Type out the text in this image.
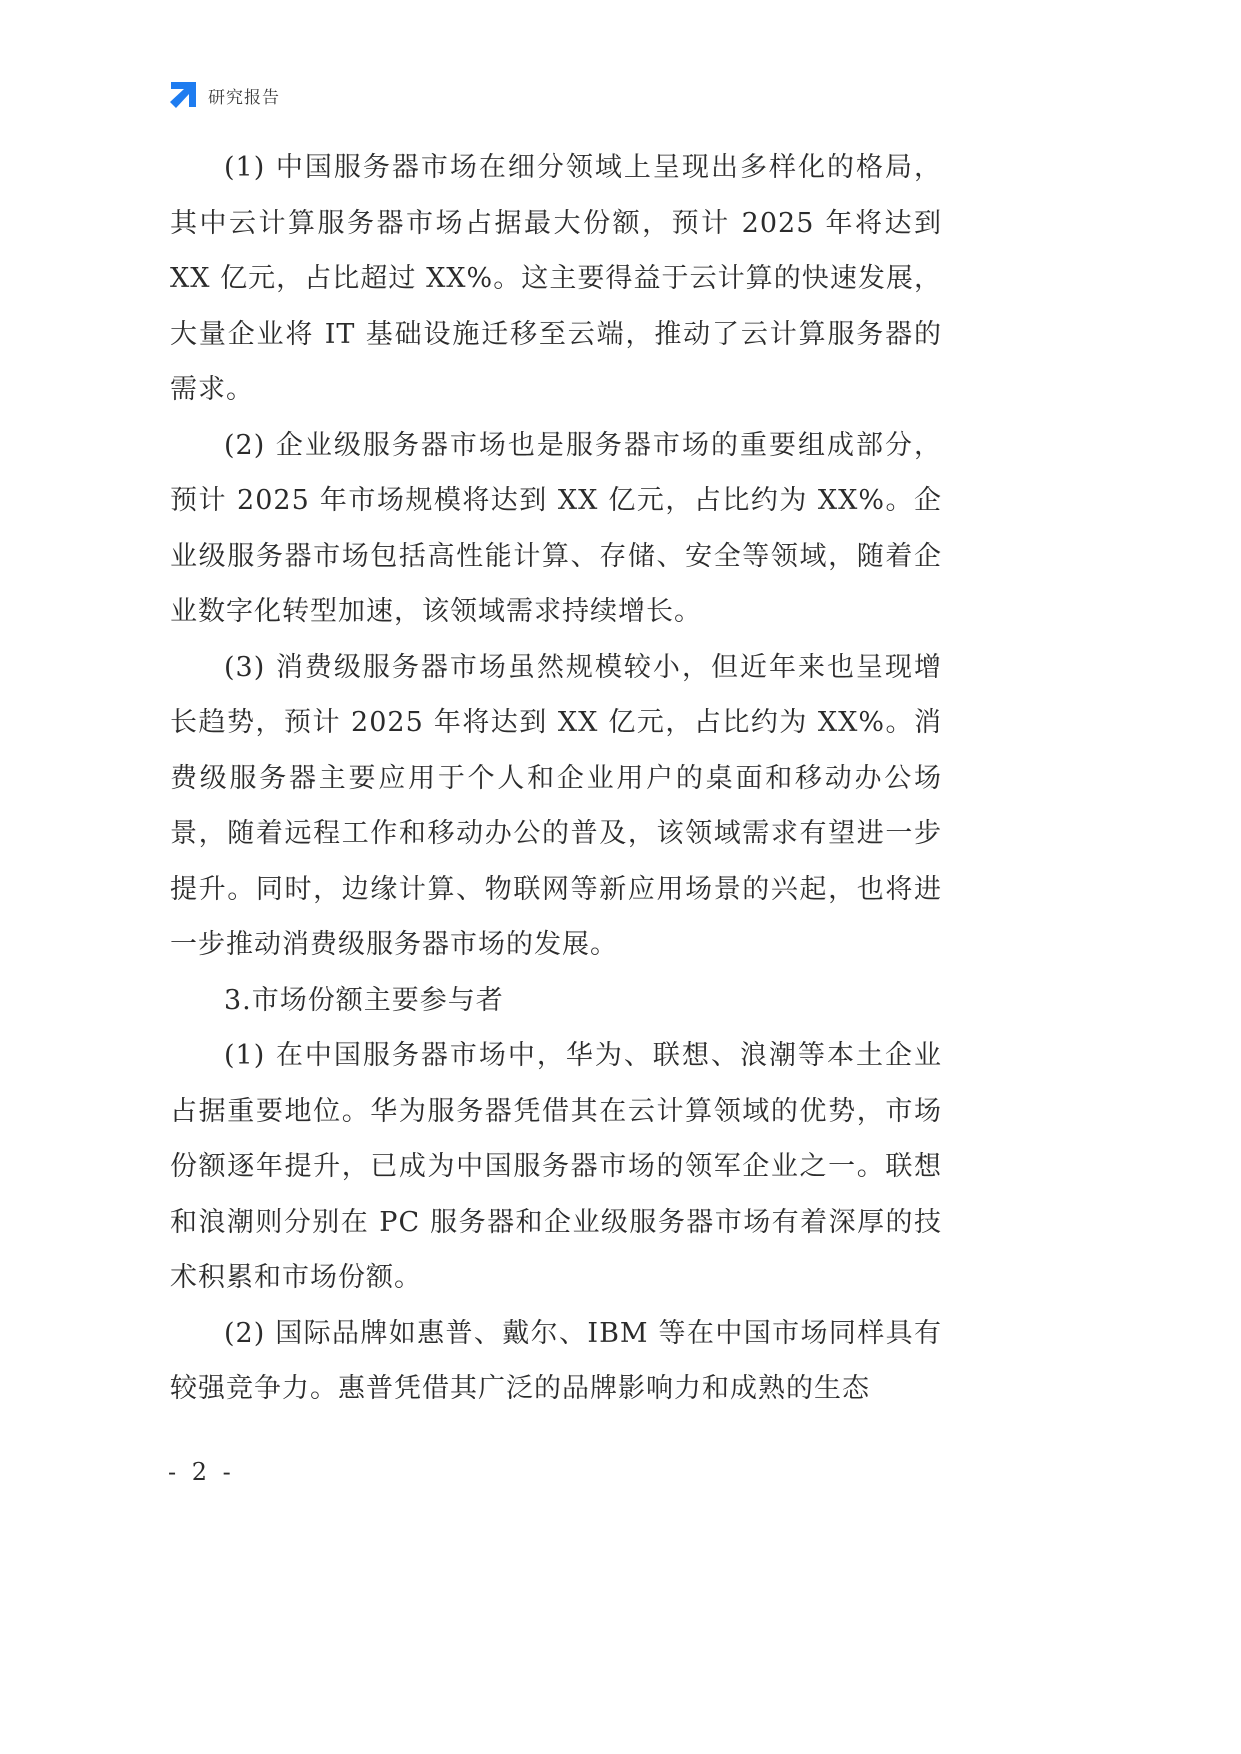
研究报告

(1) 中国服务器市场在细分领域上呈现出多样化的格局，其中云计算服务器市场占据最大份额，预计 2025 年将达到 XX 亿元，占比超过 XX%。这主要得益于云计算的快速发展，大量企业将 IT 基础设施迁移至云端，推动了云计算服务器的需求。

(2) 企业级服务器市场也是服务器市场的重要组成部分，预计 2025 年市场规模将达到 XX 亿元，占比约为 XX%。企业级服务器市场包括高性能计算、存储、安全等领域，随着企业数字化转型加速，该领域需求持续增长。

(3) 消费级服务器市场虽然规模较小，但近年来也呈现增长趋势，预计 2025 年将达到 XX 亿元，占比约为 XX%。消费级服务器主要应用于个人和企业用户的桌面和移动办公场景，随着远程工作和移动办公的普及，该领域需求有望进一步提升。同时，边缘计算、物联网等新应用场景的兴起，也将进一步推动消费级服务器市场的发展。

3.市场份额主要参与者

(1) 在中国服务器市场中，华为、联想、浪潮等本土企业占据重要地位。华为服务器凭借其在云计算领域的优势，市场份额逐年提升，已成为中国服务器市场的领军企业之一。联想和浪潮则分别在 PC 服务器和企业级服务器市场有着深厚的技术积累和市场份额。

(2) 国际品牌如惠普、戴尔、IBM 等在中国市场同样具有较强竞争力。惠普凭借其广泛的品牌影响力和成熟的生态

- 2 -
